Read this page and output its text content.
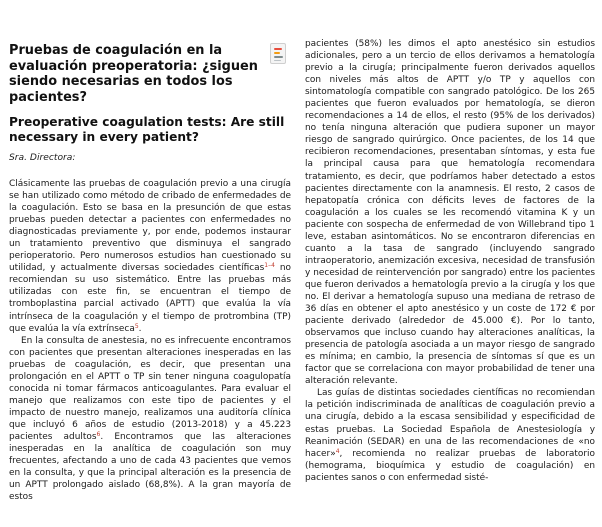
Pruebas de coagulación en la evaluación preoperatoria: ¿siguen siendo necesarias en todos los pacientes?
Preoperative coagulation tests: Are still necessary in every patient?

Sra. Directora:

Clásicamente las pruebas de coagulación previo a una cirugía se han utilizado como método de cribado de enfermedades de la coagulación. Esto se basa en la presunción de que estas pruebas pueden detectar a pacientes con enfermedades no diagnosticadas previamente y, por ende, podemos instaurar un tratamiento preventivo que disminuya el sangrado perioperatorio. Pero numerosos estudios han cuestionado su utilidad, y actualmente diversas sociedades científicas$^{1-4}$ no recomiendan su uso sistemático. Entre las pruebas más utilizadas con este fin, se encuentran el tiempo de tromboplastina parcial activado (APTT) que evalúa la vía intrínseca de la coagulación y el tiempo de protrombina (TP) que evalúa la vía extrínseca$^5$.

En la consulta de anestesia, no es infrecuente encontramos con pacientes que presentan alteraciones inesperadas en las pruebas de coagulación, es decir, que presentan una prolongación en el APTT o TP sin tener ninguna coagulopatía conocida ni tomar fármacos anticoagulantes. Para evaluar el manejo que realizamos con este tipo de pacientes y el impacto de nuestro manejo, realizamos una auditoría clínica que incluyó 6 años de estudio (2013-2018) y a 45.223 pacientes adultos$^6$. Encontramos que las alteraciones inesperadas en la analítica de coagulación son muy frecuentes, afectando a uno de cada 43 pacientes que vemos en la consulta, y que la principal alteración es la presencia de un APTT prolongado aislado (68,8%). A la gran mayoría de estos

pacientes (58%) les dimos el apto anestésico sin estudios adicionales, pero a un tercio de ellos derivamos a hematología previo a la cirugía; principalmente fueron derivados aquellos con niveles más altos de APTT y/o TP y aquellos con sintomatología compatible con sangrado patológico. De los 265 pacientes que fueron evaluados por hematología, se dieron recomendaciones a 14 de ellos, el resto (95% de los derivados) no tenía ninguna alteración que pudiera suponer un mayor riesgo de sangrado quirúrgico. Once pacientes, de los 14 que recibieron recomendaciones, presentaban síntomas, y esta fue la principal causa para que hematología recomendara tratamiento, es decir, que podríamos haber detectado a estos pacientes directamente con la anamnesis. El resto, 2 casos de hepatopatía crónica con déficits leves de factores de la coagulación a los cuales se les recomendó vitamina K y un paciente con sospecha de enfermedad de von Willebrand tipo 1 leve, estaban asintomáticos. No se encontraron diferencias en cuanto a la tasa de sangrado (incluyendo sangrado intraoperatorio, anemización excesiva, necesidad de transfusión y necesidad de reintervención por sangrado) entre los pacientes que fueron derivados a hematología previo a la cirugía y los que no. El derivar a hematología supuso una mediana de retraso de 36 días en obtener el apto anestésico y un coste de 172 € por paciente derivado (alrededor de 45.000 €). Por lo tanto, observamos que incluso cuando hay alteraciones analíticas, la presencia de patología asociada a un mayor riesgo de sangrado es mínima; en cambio, la presencia de síntomas sí que es un factor que se correlaciona con mayor probabilidad de tener una alteración relevante.

Las guías de distintas sociedades científicas no recomiendan la petición indiscriminada de analíticas de coagulación previo a una cirugía, debido a la escasa sensibilidad y especificidad de estas pruebas. La Sociedad Española de Anestesiología y Reanimación (SEDAR) en una de las recomendaciones de «no hacer»$^4$, recomienda no realizar pruebas de laboratorio (hemograma, bioquímica y estudio de coagulación) en pacientes sanos o con enfermedad sisté-
